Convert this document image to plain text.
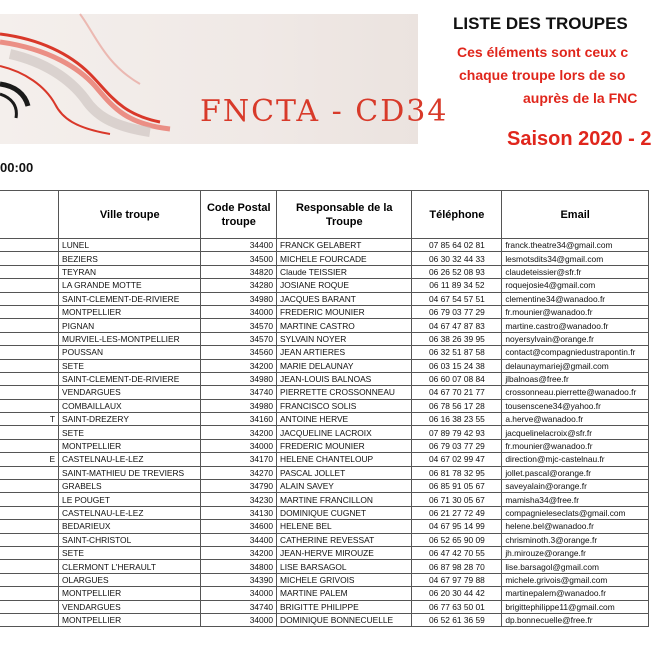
FNCTA - CD34
LISTE DES TROUPES
Ces éléments sont ceux c
chaque troupe lors de so
auprès de la FNC
Saison 2020 - 2
00:00
	Ville troupe	Code Postal troupe	Responsable de la Troupe	Téléphone	Email
	LUNEL	34400	FRANCK GELABERT	07 85 64 02 81	franck.theatre34@gmail.com
	BEZIERS	34500	MICHELE FOURCADE	06 30 32 44 33	lesmotsdits34@gmail.com
	TEYRAN	34820	Claude TEISSIER	06 26 52 08 93	claudeteissier@sfr.fr
	LA GRANDE MOTTE	34280	JOSIANE ROQUE	06 11 89 34 52	roquejosie4@gmail.com
	SAINT-CLEMENT-DE-RIVIERE	34980	JACQUES BARANT	04 67 54 57 51	clementine34@wanadoo.fr
	MONTPELLIER	34000	FREDERIC MOUNIER	06 79 03 77 29	fr.mounier@wanadoo.fr
	PIGNAN	34570	MARTINE CASTRO	04 67 47 87 83	martine.castro@wanadoo.fr
	MURVIEL-LES-MONTPELLIER	34570	SYLVAIN NOYER	06 38 26 39 95	noyersylvain@orange.fr
	POUSSAN	34560	JEAN ARTIERES	06 32 51 87 58	contact@compagniedustrapontin.fr
	SETE	34200	MARIE DELAUNAY	06 03 15 24 38	delaunaymariej@gmail.com
	SAINT-CLEMENT-DE-RIVIERE	34980	JEAN-LOUIS BALNOAS	06 60 07 08 84	jlbalnoas@free.fr
	VENDARGUES	34740	PIERRETTE CROSSONNEAU	04 67 70 21 77	crossonneau.pierrette@wanadoo.fr
	COMBAILLAUX	34980	FRANCISCO SOLIS	06 78 56 17 28	tousenscene34@yahoo.fr
T	SAINT-DREZERY	34160	ANTOINE HERVE	06 16 38 23 55	a.herve@wanadoo.fr
	SETE	34200	JACQUELINE LACROIX	07 89 79 42 93	jacquelinelacroix@sfr.fr
	MONTPELLIER	34000	FREDERIC MOUNIER	06 79 03 77 29	fr.mounier@wanadoo.fr
E	CASTELNAU-LE-LEZ	34170	HELENE CHANTELOUP	04 67 02 99 47	direction@mjc-castelnau.fr
	SAINT-MATHIEU DE TREVIERS	34270	PASCAL JOLLET	06 81 78 32 95	jollet.pascal@orange.fr
	GRABELS	34790	ALAIN SAVEY	06 85 91 05 67	saveyalain@orange.fr
	LE POUGET	34230	MARTINE FRANCILLON	06 71 30 05 67	mamisha34@free.fr
	CASTELNAU-LE-LEZ	34130	DOMINIQUE CUGNET	06 21 27 72 49	compagnieleseclats@gmail.com
	BEDARIEUX	34600	HELENE BEL	04 67 95 14 99	helene.bel@wanadoo.fr
	SAINT-CHRISTOL	34400	CATHERINE REVESSAT	06 52 65 90 09	chrisminoth.3@orange.fr
	SETE	34200	JEAN-HERVE MIROUZE	06 47 42 70 55	jh.mirouze@orange.fr
	CLERMONT L'HERAULT	34800	LISE BARSAGOL	06 87 98 28 70	lise.barsagol@gmail.com
	OLARGUES	34390	MICHELE GRIVOIS	04 67 97 79 88	michele.grivois@gmail.com
	MONTPELLIER	34000	MARTINE PALEM	06 20 30 44 42	martinepalem@wanadoo.fr
	VENDARGUES	34740	BRIGITTE PHILIPPE	06 77 63 50 01	brigittephilippe11@gmail.com
	MONTPELLIER	34000	DOMINIQUE BONNECUELLE	06 52 61 36 59	dp.bonnecuelle@free.fr
